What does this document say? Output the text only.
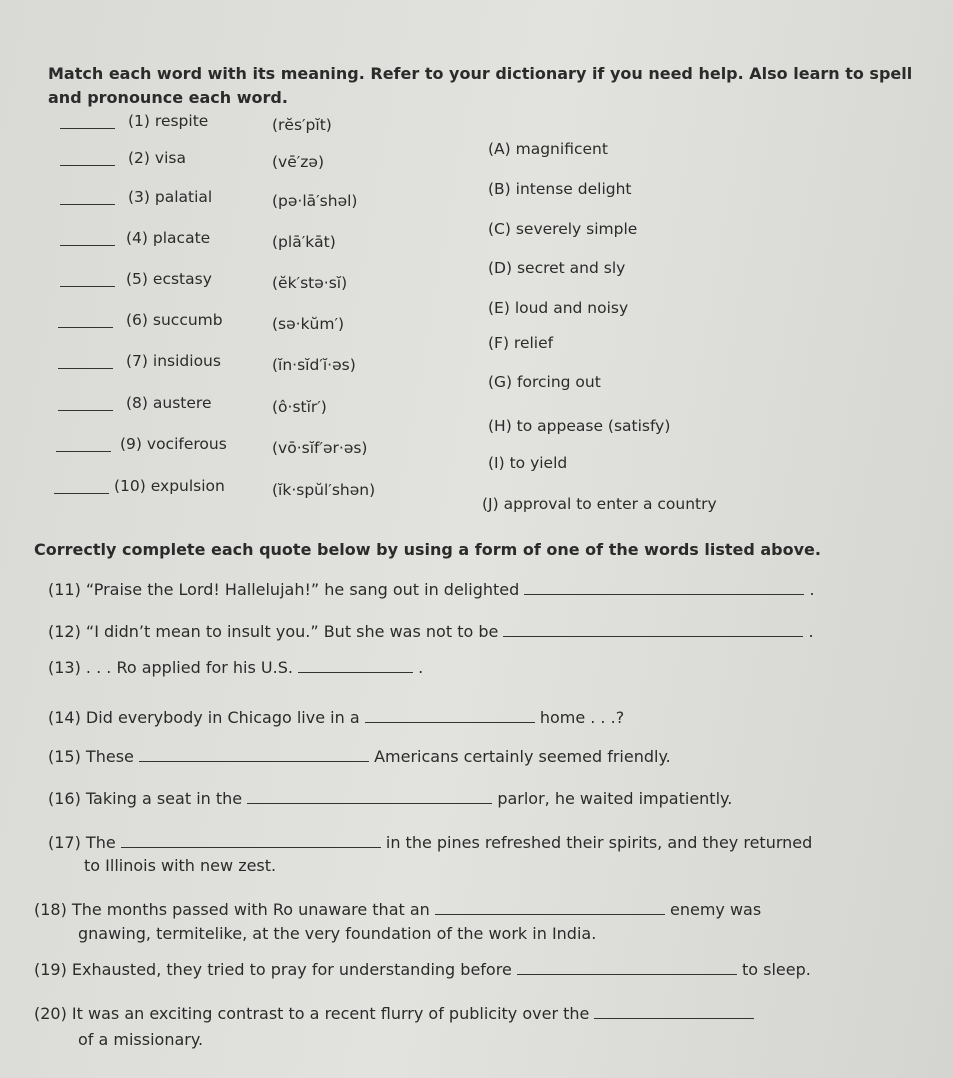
Match each word with its meaning. Refer to your dictionary if you need help. Also learn to spell
and pronounce each word.
(1) respite	(rĕs′pĭt)
(2) visa	(vē′zə)
(3) palatial	(pə·lā′shəl)
(4) placate	(plā′kāt)
(5) ecstasy	(ĕk′stə·sĭ)
(6) succumb	(sə·kŭm′)
(7) insidious	(ĭn·sĭd′ĭ·əs)
(8) austere	(ô·stĭr′)
(9) vociferous	(vō·sĭf′ər·əs)
(10) expulsion	(ĭk·spŭl′shən)
(A) magnificent
(B) intense delight
(C) severely simple
(D) secret and sly
(E) loud and noisy
(F) relief
(G) forcing out
(H) to appease (satisfy)
(I) to yield
(J) approval to enter a country
Correctly complete each quote below by using a form of one of the words listed above.
(11) “Praise the Lord! Hallelujah!” he sang out in delighted	.
(12) “I didn’t mean to insult you.” But she was not to be	.
(13) . . . Ro applied for his U.S.	.
(14) Did everybody in Chicago live in a	home . . .?
(15) These	Americans certainly seemed friendly.
(16) Taking a seat in the	parlor, he waited impatiently.
(17) The	in the pines refreshed their spirits, and they returned
to Illinois with new zest.
(18) The months passed with Ro unaware that an	enemy was
gnawing, termitelike, at the very foundation of the work in India.
(19) Exhausted, they tried to pray for understanding before	to sleep.
(20) It was an exciting contrast to a recent flurry of publicity over the
of a missionary.
